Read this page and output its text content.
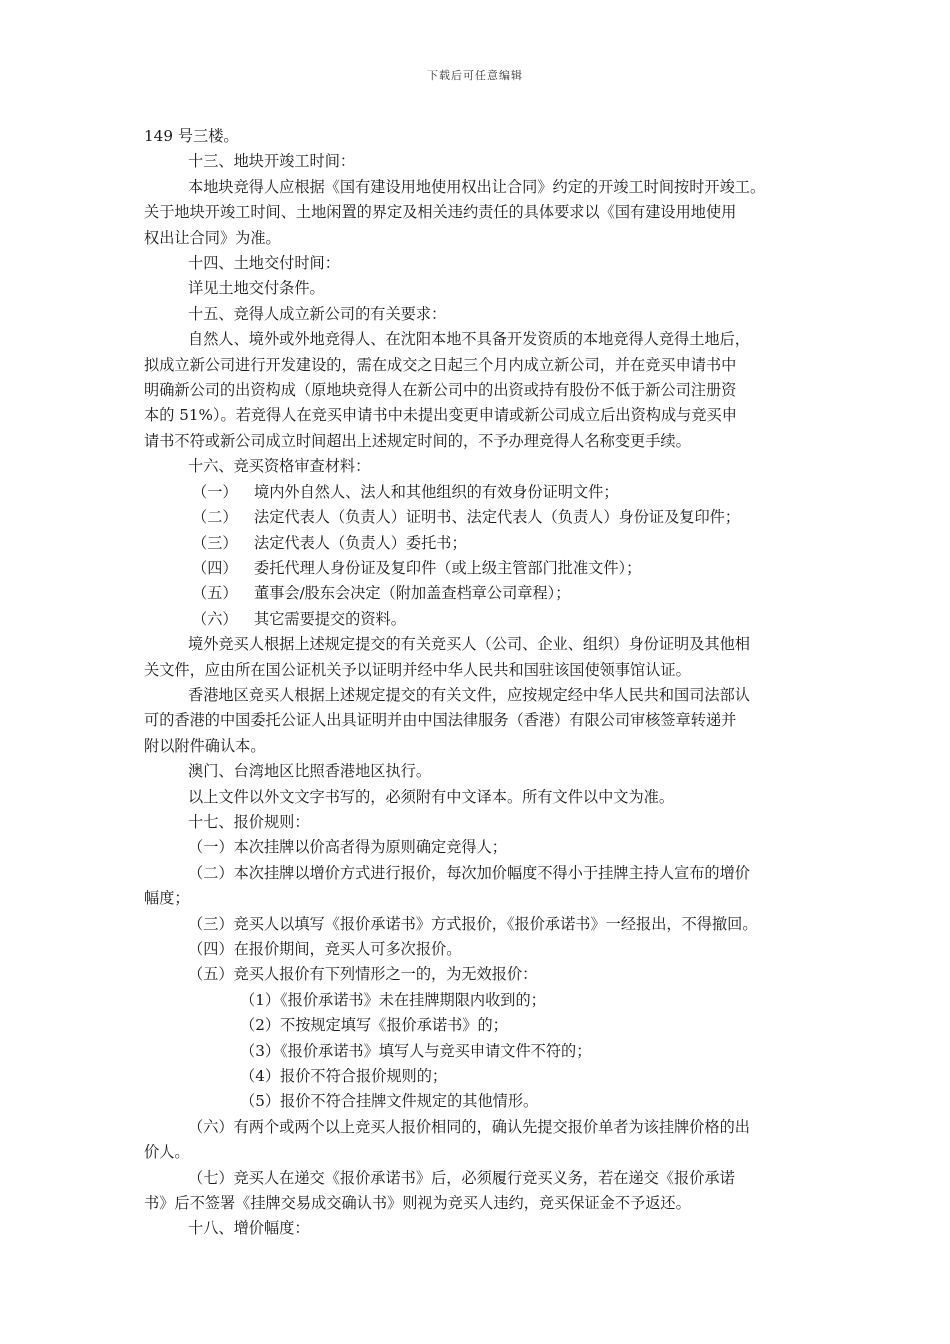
下载后可任意编辑

149 号三楼。

十三、地块开竣工时间：

本地块竞得人应根据《国有建设用地使用权出让合同》约定的开竣工时间按时开竣工。

关于地块开竣工时间、土地闲置的界定及相关违约责任的具体要求以《国有建设用地使用

权出让合同》为准。

十四、土地交付时间：

详见土地交付条件。

十五、竞得人成立新公司的有关要求：

自然人、境外或外地竞得人、在沈阳本地不具备开发资质的本地竞得人竞得土地后，

拟成立新公司进行开发建设的，需在成交之日起三个月内成立新公司，并在竞买申请书中

明确新公司的出资构成（原地块竞得人在新公司中的出资或持有股份不低于新公司注册资

本的 51%）。若竞得人在竞买申请书中未提出变更申请或新公司成立后出资构成与竞买申

请书不符或新公司成立时间超出上述规定时间的，不予办理竞得人名称变更手续。

十六、竞买资格审查材料：

（一） 境内外自然人、法人和其他组织的有效身份证明文件；

（二） 法定代表人（负责人）证明书、法定代表人（负责人）身份证及复印件；

（三） 法定代表人（负责人）委托书；

（四） 委托代理人身份证及复印件（或上级主管部门批准文件）；

（五） 董事会/股东会决定（附加盖查档章公司章程）；

（六） 其它需要提交的资料。

境外竞买人根据上述规定提交的有关竞买人（公司、企业、组织）身份证明及其他相

关文件，应由所在国公证机关予以证明并经中华人民共和国驻该国使领事馆认证。

香港地区竞买人根据上述规定提交的有关文件，应按规定经中华人民共和国司法部认

可的香港的中国委托公证人出具证明并由中国法律服务（香港）有限公司审核签章转递并

附以附件确认本。

澳门、台湾地区比照香港地区执行。

以上文件以外文文字书写的，必须附有中文译本。所有文件以中文为准。

十七、报价规则：

（一）本次挂牌以价高者得为原则确定竞得人；

（二）本次挂牌以增价方式进行报价，每次加价幅度不得小于挂牌主持人宣布的增价

幅度；

（三）竞买人以填写《报价承诺书》方式报价，《报价承诺书》一经报出，不得撤回。

（四）在报价期间，竞买人可多次报价。

（五）竞买人报价有下列情形之一的，为无效报价：

（1）《报价承诺书》未在挂牌期限内收到的；

（2）不按规定填写《报价承诺书》的；

（3）《报价承诺书》填写人与竞买申请文件不符的；

（4）报价不符合报价规则的；

（5）报价不符合挂牌文件规定的其他情形。

（六）有两个或两个以上竞买人报价相同的，确认先提交报价单者为该挂牌价格的出

价人。

（七）竞买人在递交《报价承诺书》后，必须履行竞买义务，若在递交《报价承诺

书》后不签署《挂牌交易成交确认书》则视为竞买人违约，竞买保证金不予返还。

十八、增价幅度：
